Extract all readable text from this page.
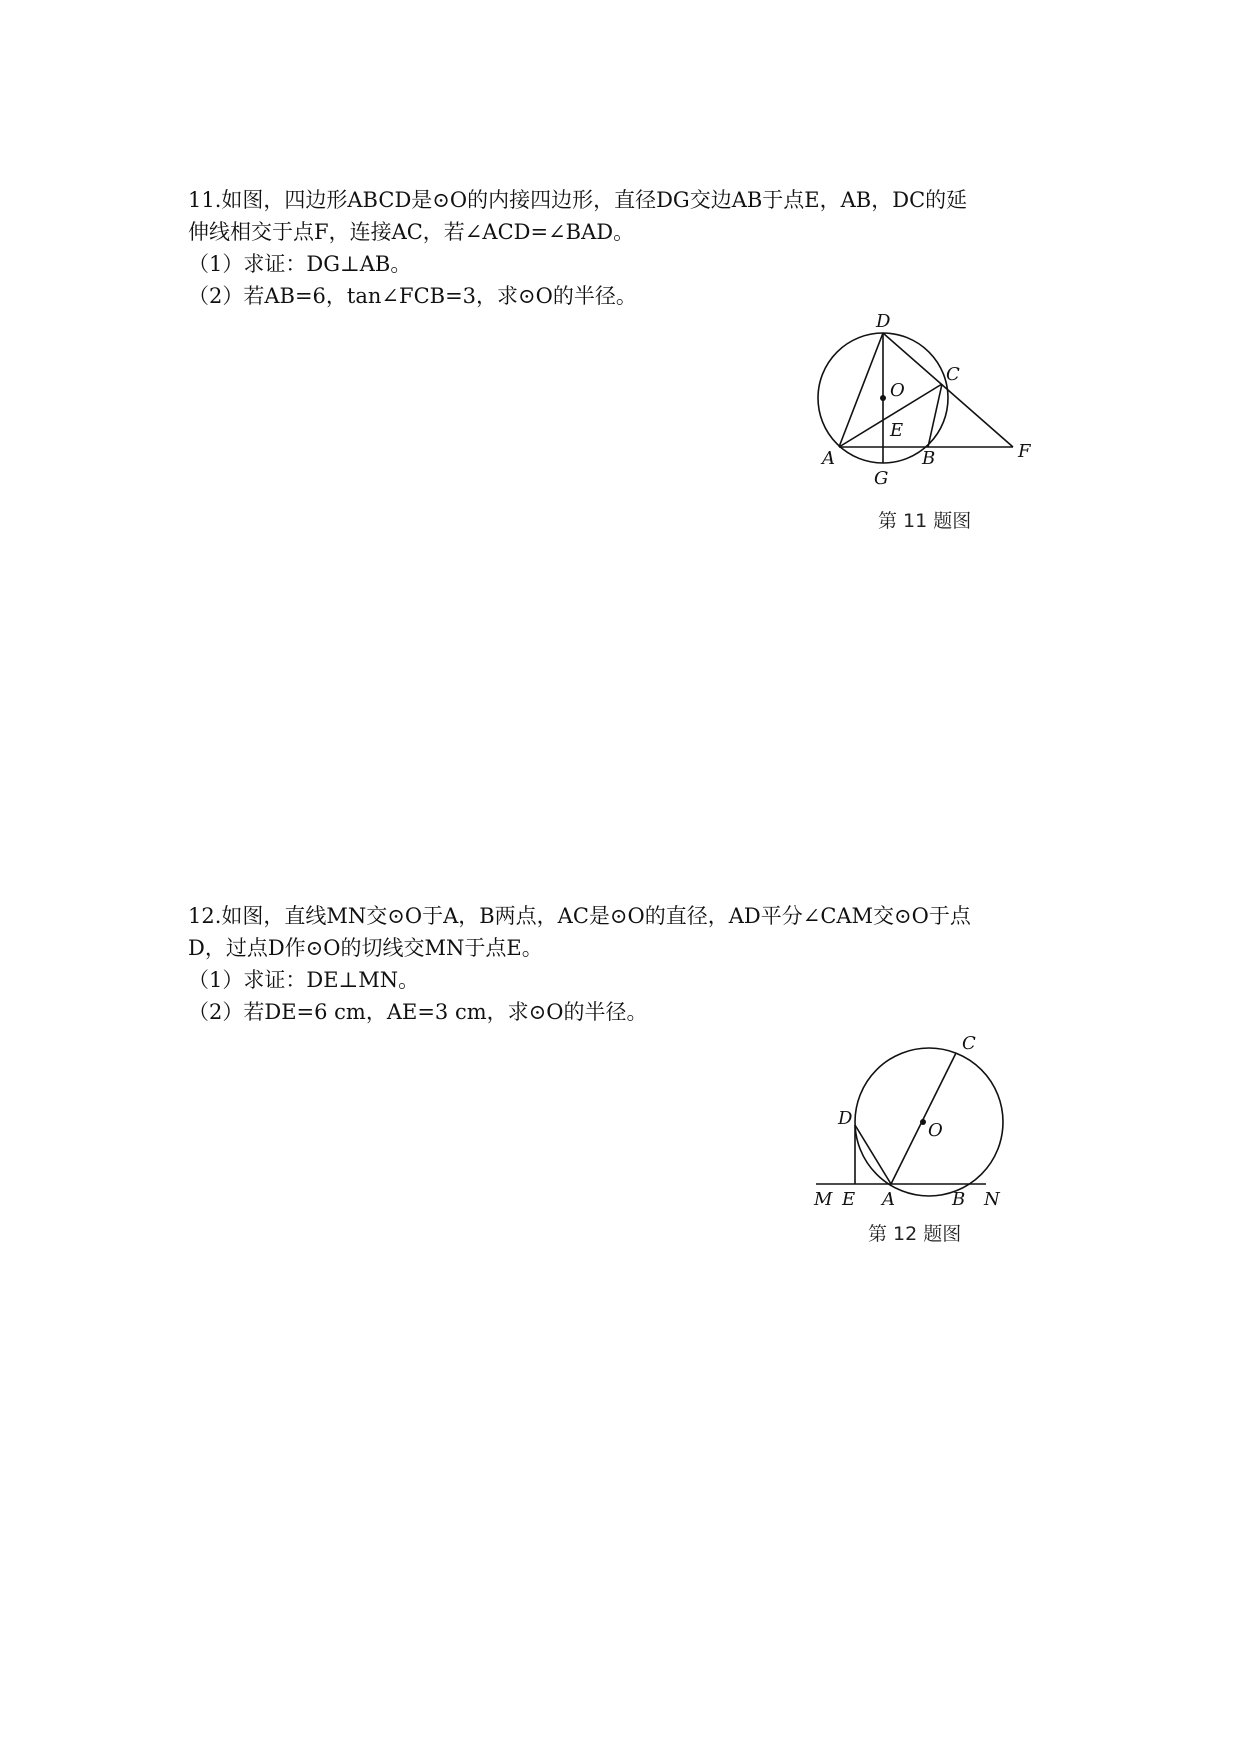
11.如图，四边形ABCD是⊙O的内接四边形，直径DG交边AB于点E，AB，DC的延

伸线相交于点F，连接AC，若∠ACD=∠BAD。

（1）求证：DG⊥AB。

（2）若AB=6，tan∠FCB=3，求⊙O的半径。

D
O
C
E
A	B
G
F
第 11 题图

12.如图，直线MN交⊙O于A，B两点，AC是⊙O的直径，AD平分∠CAM交⊙O于点

D，过点D作⊙O的切线交MN于点E。

（1）求证：DE⊥MN。

（2）若DE=6 cm，AE=3 cm，求⊙O的半径。

C
D
O
M E A	B N
第 12 题图
